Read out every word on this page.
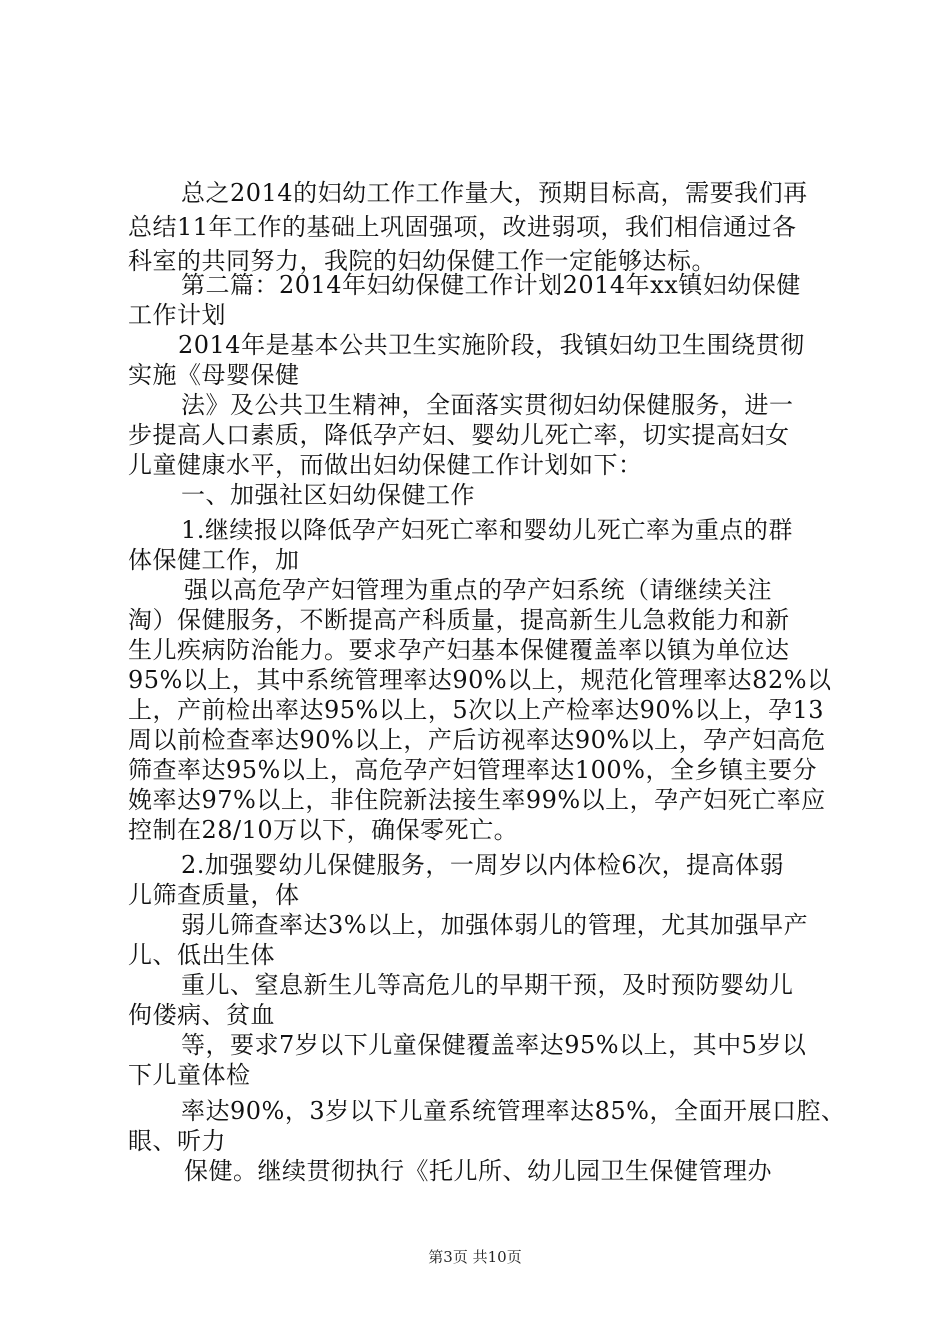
总之2014的妇幼工作工作量大，预期目标高，需要我们再
总结11年工作的基础上巩固强项，改进弱项，我们相信通过各
科室的共同努力，我院的妇幼保健工作一定能够达标。
第二篇：2014年妇幼保健工作计划2014年xx镇妇幼保健
工作计划
2014年是基本公共卫生实施阶段，我镇妇幼卫生围绕贯彻
实施《母婴保健
法》及公共卫生精神，全面落实贯彻妇幼保健服务，进一
步提高人口素质，降低孕产妇、婴幼儿死亡率，切实提高妇女
儿童健康水平，而做出妇幼保健工作计划如下：
一、加强社区妇幼保健工作
1.继续报以降低孕产妇死亡率和婴幼儿死亡率为重点的群
体保健工作，加
强以高危孕产妇管理为重点的孕产妇系统（请继续关注
淘）保健服务，不断提高产科质量，提高新生儿急救能力和新
生儿疾病防治能力。要求孕产妇基本保健覆盖率以镇为单位达
95%以上，其中系统管理率达90%以上，规范化管理率达82%以
上，产前检出率达95%以上，5次以上产检率达90%以上，孕13
周以前检查率达90%以上，产后访视率达90%以上，孕产妇高危
筛查率达95%以上，高危孕产妇管理率达100%，全乡镇主要分
娩率达97%以上，非住院新法接生率99%以上，孕产妇死亡率应
控制在28/10万以下，确保零死亡。
2.加强婴幼儿保健服务，一周岁以内体检6次，提高体弱
儿筛查质量，体
弱儿筛查率达3%以上，加强体弱儿的管理，尤其加强早产
儿、低出生体
重儿、窒息新生儿等高危儿的早期干预，及时预防婴幼儿
佝偻病、贫血
等，要求7岁以下儿童保健覆盖率达95%以上，其中5岁以
下儿童体检
率达90%，3岁以下儿童系统管理率达85%，全面开展口腔、
眼、听力
保健。继续贯彻执行《托儿所、幼儿园卫生保健管理办
第3页 共10页
